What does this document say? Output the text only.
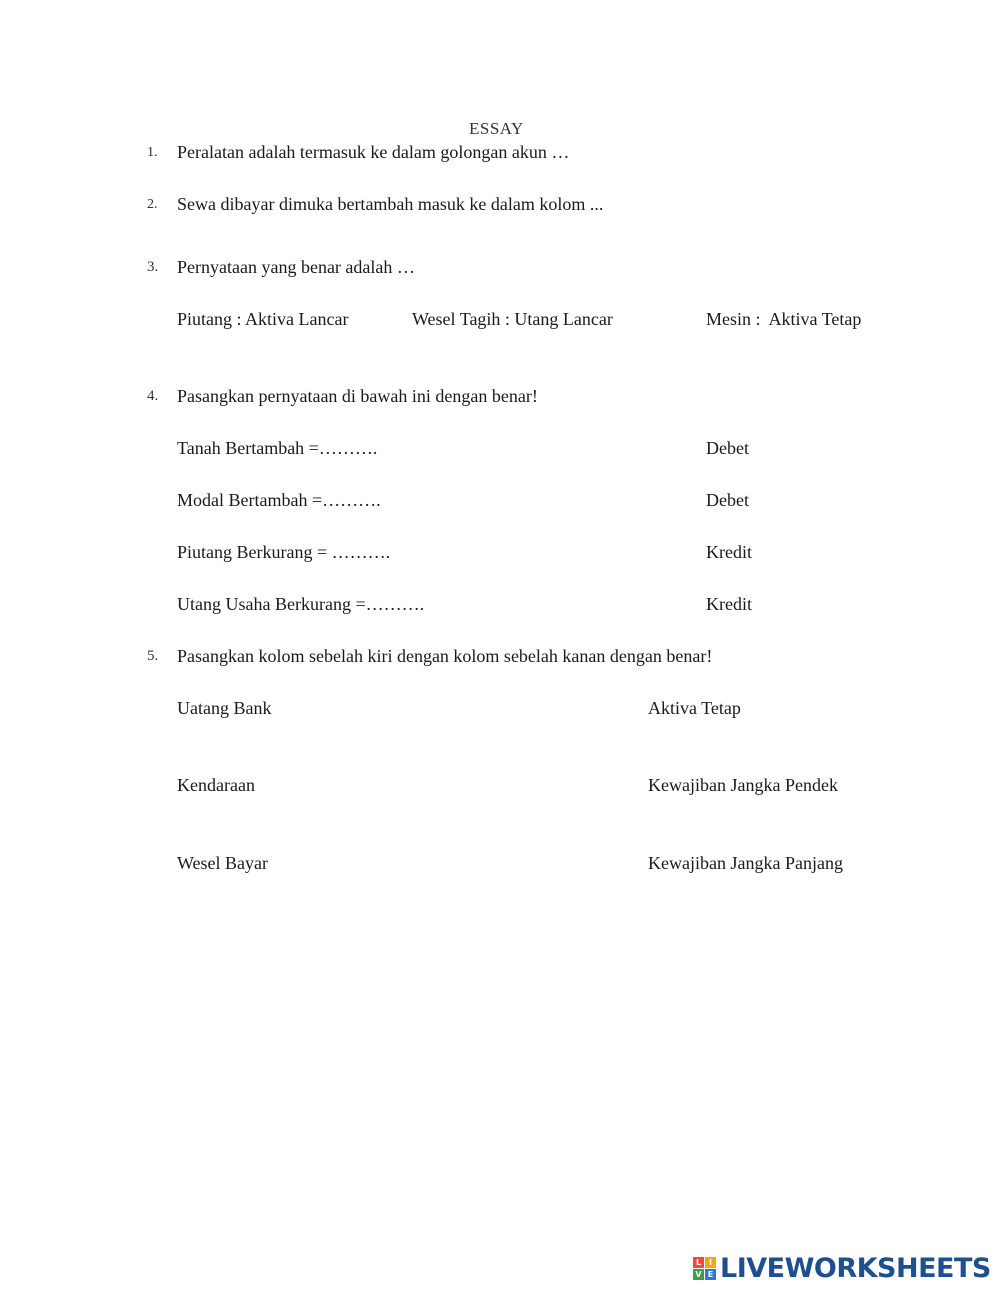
ESSAY
1. Peralatan adalah termasuk ke dalam golongan akun …
2. Sewa dibayar dimuka bertambah masuk ke dalam kolom ...
3. Pernyataan yang benar adalah …
Piutang : Aktiva Lancar	Wesel Tagih : Utang Lancar	Mesin :  Aktiva Tetap
4. Pasangkan pernyataan di bawah ini dengan benar!
Tanah Bertambah =……….	Debet
Modal Bertambah =……….	Debet
Piutang Berkurang = ……….	Kredit
Utang Usaha Berkurang =……….	Kredit
5. Pasangkan kolom sebelah kiri dengan kolom sebelah kanan dengan benar!
Uatang Bank	Aktiva Tetap
Kendaraan	Kewajiban Jangka Pendek
Wesel Bayar	Kewajiban Jangka Panjang
L I
V E LIVEWORKSHEETS
